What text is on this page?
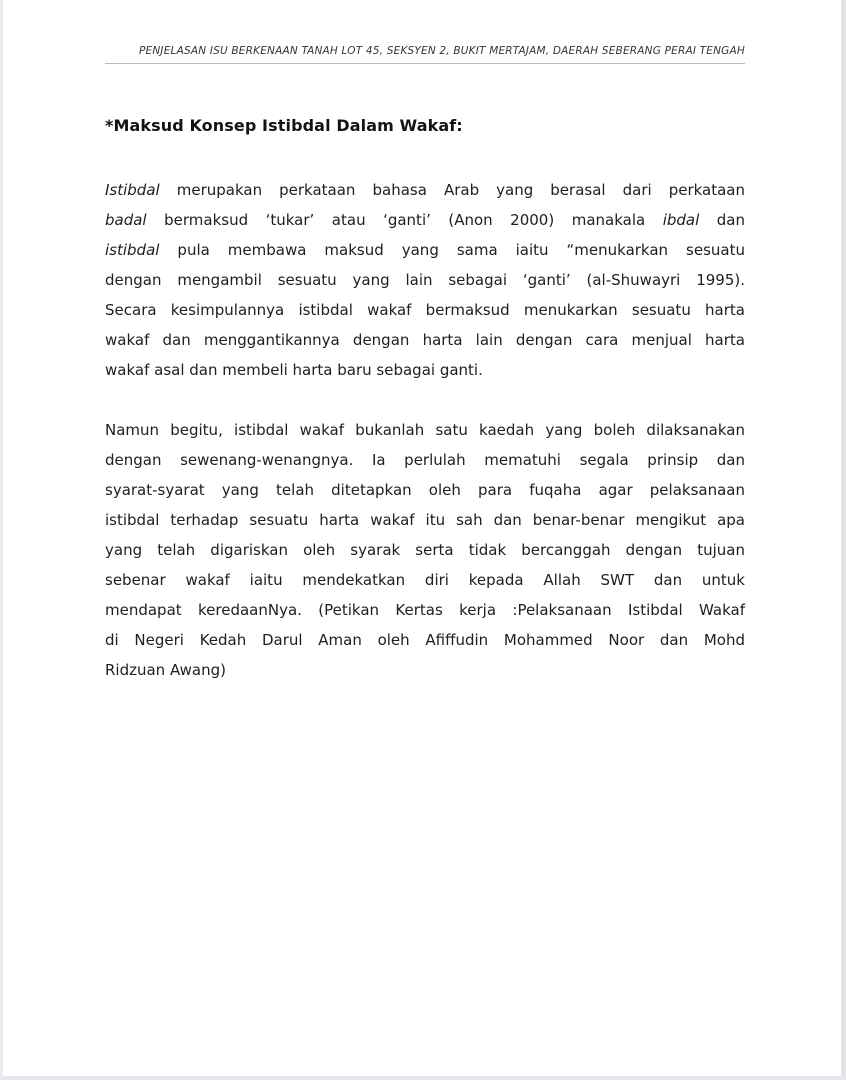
PENJELASAN ISU BERKENAAN TANAH LOT 45, SEKSYEN 2, BUKIT MERTAJAM, DAERAH SEBERANG PERAI TENGAH
*Maksud Konsep Istibdal Dalam Wakaf:
Istibdal merupakan perkataan bahasa Arab yang berasal dari perkataan
badal bermaksud ‘tukar’ atau ‘ganti’ (Anon 2000) manakala ibdal dan
istibdal pula membawa maksud yang sama iaitu “menukarkan sesuatu
dengan mengambil sesuatu yang lain sebagai ‘ganti’ (al-Shuwayri 1995).
Secara kesimpulannya istibdal wakaf bermaksud menukarkan sesuatu harta
wakaf dan menggantikannya dengan harta lain dengan cara menjual harta
wakaf asal dan membeli harta baru sebagai ganti.
Namun begitu, istibdal wakaf bukanlah satu kaedah yang boleh dilaksanakan
dengan sewenang-wenangnya. Ia perlulah mematuhi segala prinsip dan
syarat-syarat yang telah ditetapkan oleh para fuqaha agar pelaksanaan
istibdal terhadap sesuatu harta wakaf itu sah dan benar-benar mengikut apa
yang telah digariskan oleh syarak serta tidak bercanggah dengan tujuan
sebenar wakaf iaitu mendekatkan diri kepada Allah SWT dan untuk
mendapat keredaanNya. (Petikan Kertas kerja :Pelaksanaan Istibdal Wakaf
di Negeri Kedah Darul Aman oleh Afiffudin Mohammed Noor dan Mohd
Ridzuan Awang)
